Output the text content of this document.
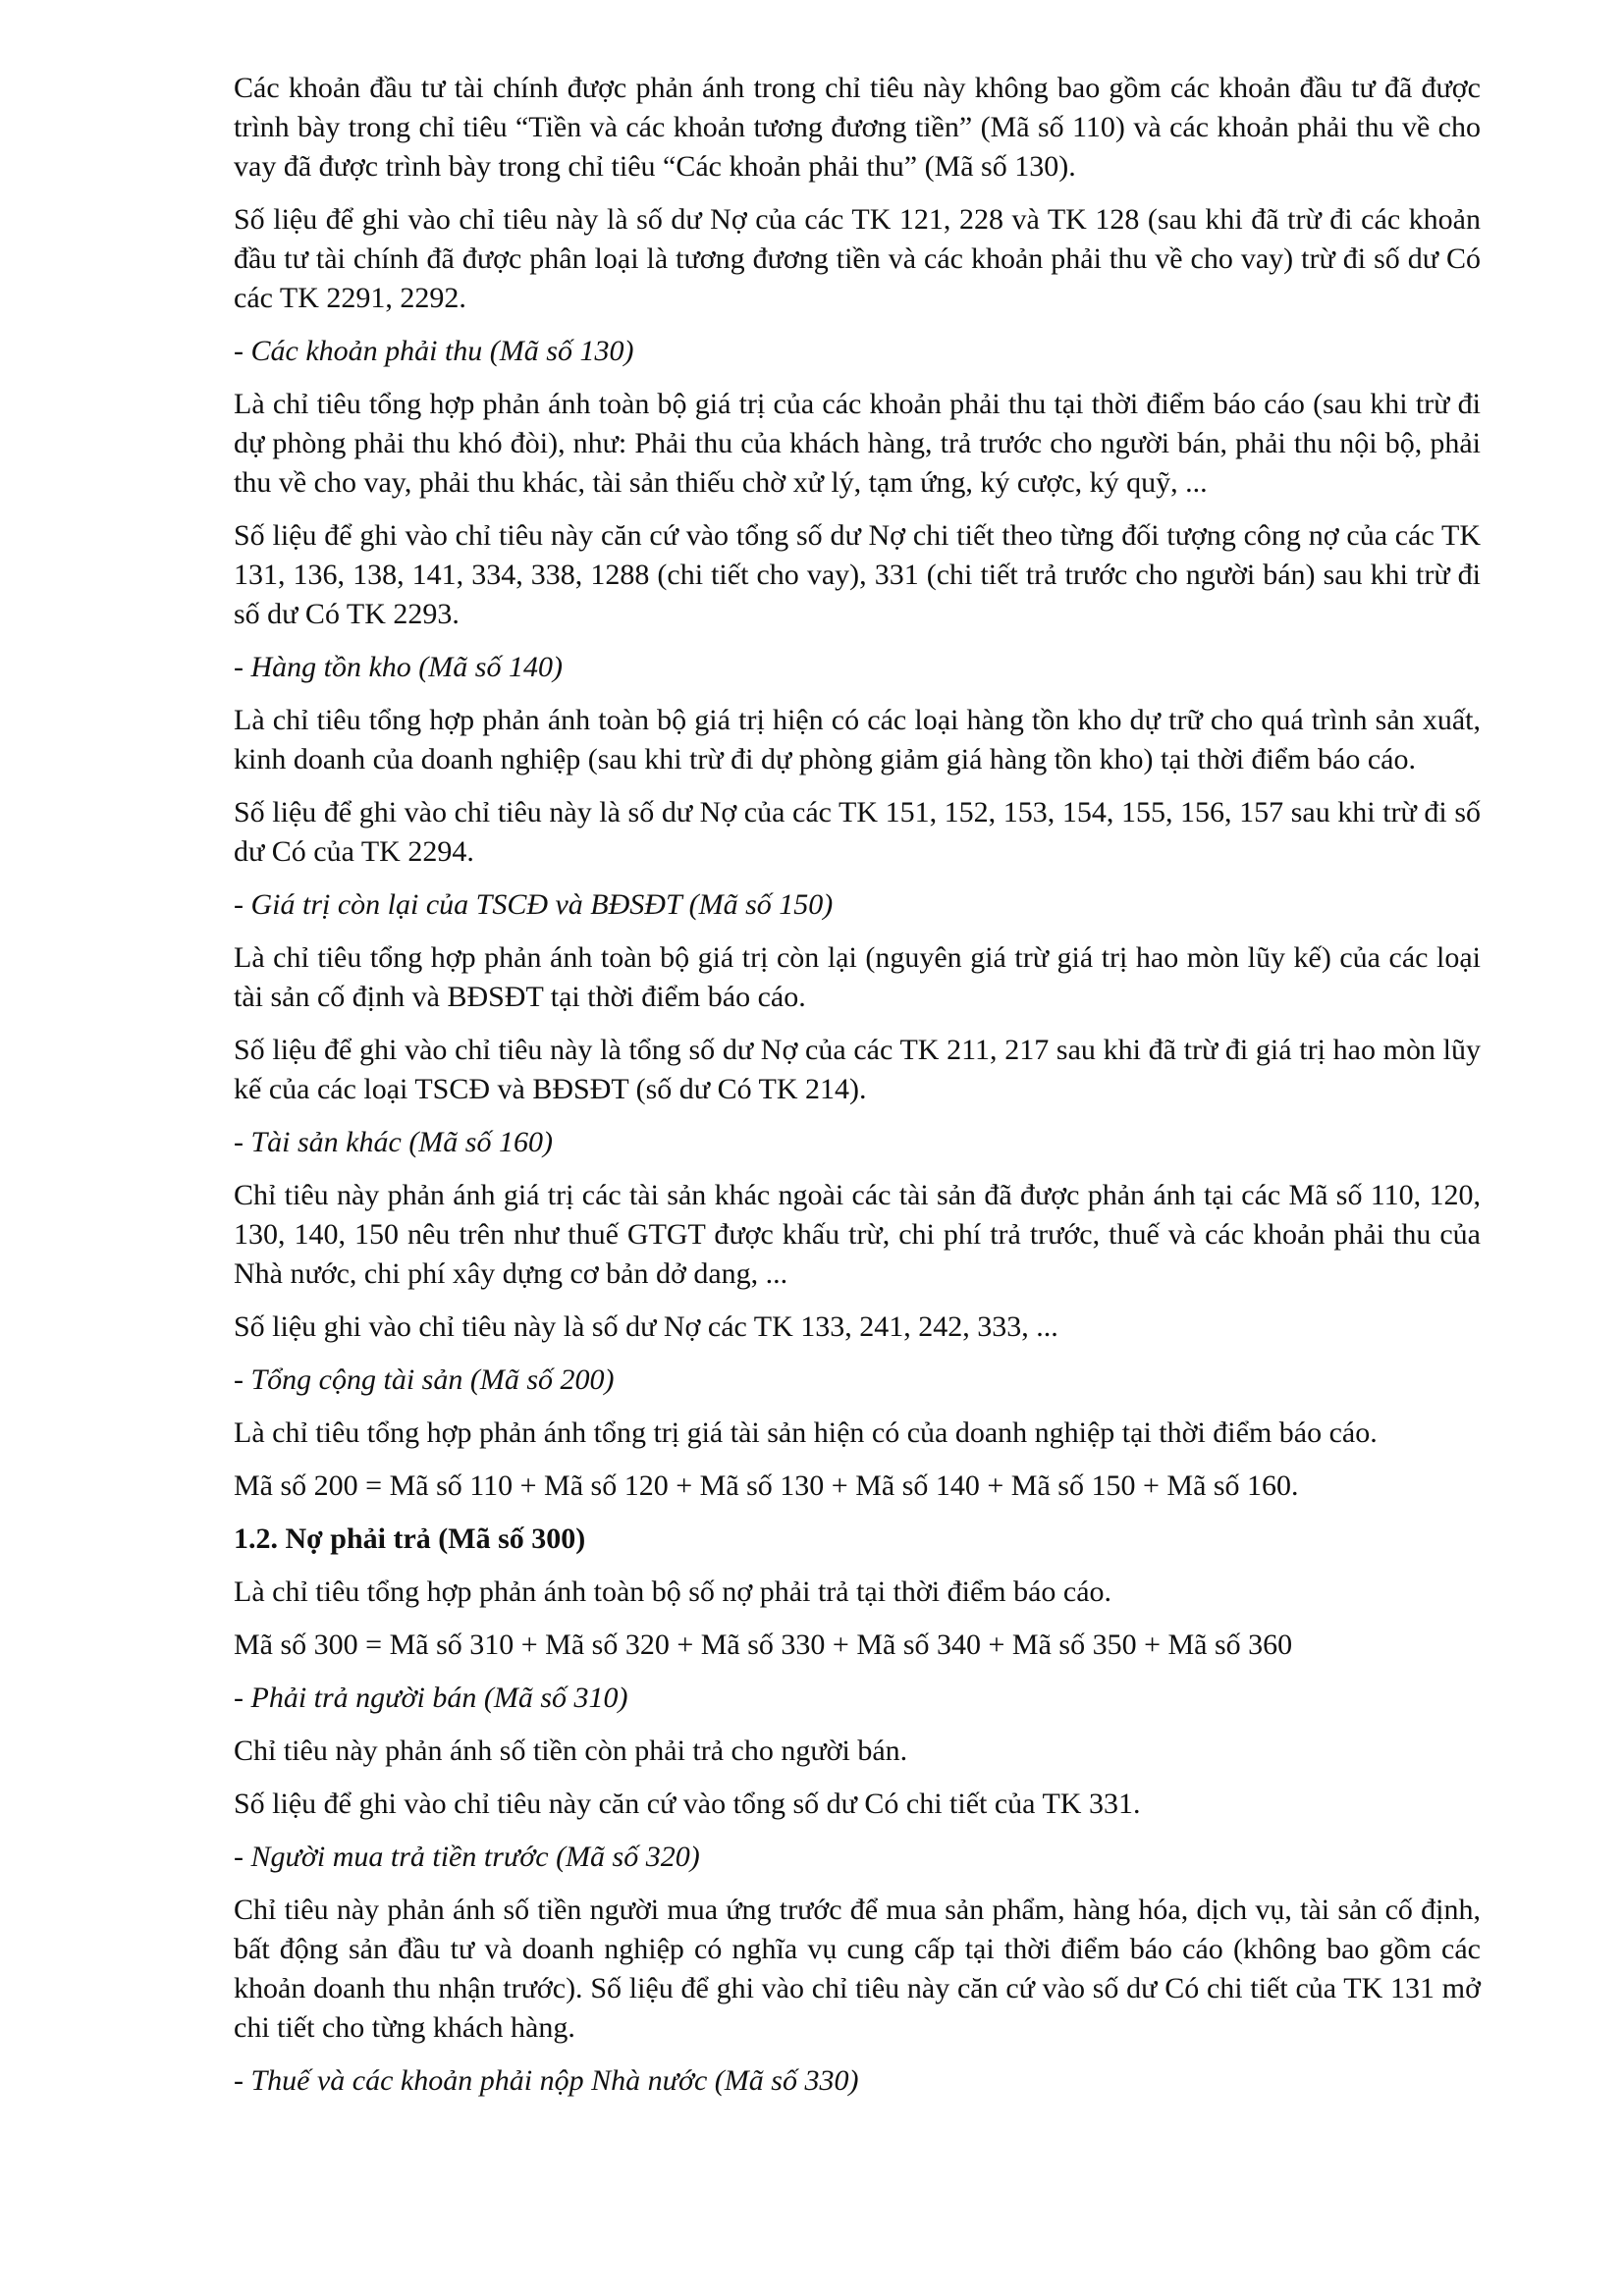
Các khoản đầu tư tài chính được phản ánh trong chỉ tiêu này không bao gồm các khoản đầu tư đã được trình bày trong chỉ tiêu “Tiền và các khoản tương đương tiền” (Mã số 110) và các khoản phải thu về cho vay đã được trình bày trong chỉ tiêu “Các khoản phải thu” (Mã số 130).

Số liệu để ghi vào chỉ tiêu này là số dư Nợ của các TK 121, 228 và TK 128 (sau khi đã trừ đi các khoản đầu tư tài chính đã được phân loại là tương đương tiền và các khoản phải thu về cho vay) trừ đi số dư Có các TK 2291, 2292.

- Các khoản phải thu (Mã số 130)

Là chỉ tiêu tổng hợp phản ánh toàn bộ giá trị của các khoản phải thu tại thời điểm báo cáo (sau khi trừ đi dự phòng phải thu khó đòi), như: Phải thu của khách hàng, trả trước cho người bán, phải thu nội bộ, phải thu về cho vay, phải thu khác, tài sản thiếu chờ xử lý, tạm ứng, ký cược, ký quỹ, ...

Số liệu để ghi vào chỉ tiêu này căn cứ vào tổng số dư Nợ chi tiết theo từng đối tượng công nợ của các TK 131, 136, 138, 141, 334, 338, 1288 (chi tiết cho vay), 331 (chi tiết trả trước cho người bán) sau khi trừ đi số dư Có TK 2293.

- Hàng tồn kho (Mã số 140)

Là chỉ tiêu tổng hợp phản ánh toàn bộ giá trị hiện có các loại hàng tồn kho dự trữ cho quá trình sản xuất, kinh doanh của doanh nghiệp (sau khi trừ đi dự phòng giảm giá hàng tồn kho) tại thời điểm báo cáo.

Số liệu để ghi vào chỉ tiêu này là số dư Nợ của các TK 151, 152, 153, 154, 155, 156, 157 sau khi trừ đi số dư Có của TK 2294.

- Giá trị còn lại của TSCĐ và BĐSĐT (Mã số 150)

Là chỉ tiêu tổng hợp phản ánh toàn bộ giá trị còn lại (nguyên giá trừ giá trị hao mòn lũy kế) của các loại tài sản cố định và BĐSĐT tại thời điểm báo cáo.

Số liệu để ghi vào chỉ tiêu này là tổng số dư Nợ của các TK 211, 217 sau khi đã trừ đi giá trị hao mòn lũy kế của các loại TSCĐ và BĐSĐT (số dư Có TK 214).

- Tài sản khác (Mã số 160)

Chỉ tiêu này phản ánh giá trị các tài sản khác ngoài các tài sản đã được phản ánh tại các Mã số 110, 120, 130, 140, 150 nêu trên như thuế GTGT được khấu trừ, chi phí trả trước, thuế và các khoản phải thu của Nhà nước, chi phí xây dựng cơ bản dở dang, ...

Số liệu ghi vào chỉ tiêu này là số dư Nợ các TK 133, 241, 242, 333, ...

- Tổng cộng tài sản (Mã số 200)

Là chỉ tiêu tổng hợp phản ánh tổng trị giá tài sản hiện có của doanh nghiệp tại thời điểm báo cáo.

Mã số 200 = Mã số 110 + Mã số 120 + Mã số 130 + Mã số 140 + Mã số 150 + Mã số 160.

1.2. Nợ phải trả (Mã số 300)

Là chỉ tiêu tổng hợp phản ánh toàn bộ số nợ phải trả tại thời điểm báo cáo.

Mã số 300 = Mã số 310 + Mã số 320 + Mã số 330 + Mã số 340 + Mã số 350 + Mã số 360

- Phải trả người bán (Mã số 310)

Chỉ tiêu này phản ánh số tiền còn phải trả cho người bán.

Số liệu để ghi vào chỉ tiêu này căn cứ vào tổng số dư Có chi tiết của TK 331.

- Người mua trả tiền trước (Mã số 320)

Chỉ tiêu này phản ánh số tiền người mua ứng trước để mua sản phẩm, hàng hóa, dịch vụ, tài sản cố định, bất động sản đầu tư và doanh nghiệp có nghĩa vụ cung cấp tại thời điểm báo cáo (không bao gồm các khoản doanh thu nhận trước). Số liệu để ghi vào chỉ tiêu này căn cứ vào số dư Có chi tiết của TK 131 mở chi tiết cho từng khách hàng.

- Thuế và các khoản phải nộp Nhà nước (Mã số 330)
